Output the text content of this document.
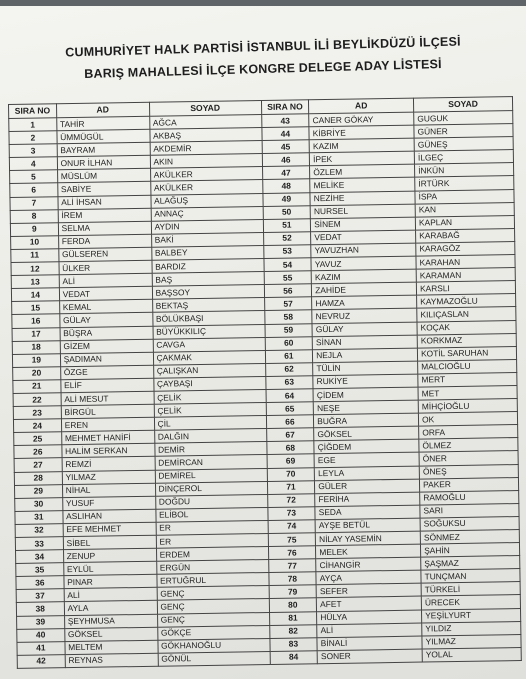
CUMHURİYET HALK PARTİSİ İSTANBUL İLİ BEYLİKDÜZÜ İLÇESİ
BARIŞ MAHALLESİ İLÇE KONGRE DELEGE ADAY LİSTESİ
SIRA NO	AD	SOYAD	SIRA NO	AD	SOYAD
1	TAHİR	AĞCA	43	CANER GÖKAY	GUGUK
2	ÜMMÜGÜL	AKBAŞ	44	KİBRİYE	GÜNER
3	BAYRAM	AKDEMİR	45	KAZIM	GÜNEŞ
4	ONUR İLHAN	AKIN	46	İPEK	İLGEÇ
5	MÜSLÜM	AKÜLKER	47	ÖZLEM	İNKÜN
6	SABİYE	AKÜLKER	48	MELİKE	İRTÜRK
7	ALİ İHSAN	ALAĞUŞ	49	NEZİHE	İSPA
8	İREM	ANNAÇ	50	NURSEL	KAN
9	SELMA	AYDIN	51	SİNEM	KAPLAN
10	FERDA	BAKİ	52	VEDAT	KARABAĞ
11	GÜLSEREN	BALBEY	53	YAVUZHAN	KARAGÖZ
12	ÜLKER	BARDIZ	54	YAVUZ	KARAHAN
13	ALİ	BAŞ	55	KAZIM	KARAMAN
14	VEDAT	BAŞSOY	56	ZAHİDE	KARSLI
15	KEMAL	BEKTAŞ	57	HAMZA	KAYMAZOĞLU
16	GÜLAY	BÖLÜKBAŞI	58	NEVRUZ	KILIÇASLAN
17	BÜŞRA	BÜYÜKKILIÇ	59	GÜLAY	KOÇAK
18	GİZEM	CAVGA	60	SİNAN	KORKMAZ
19	ŞADIMAN	ÇAKMAK	61	NEJLA	KOTİL SARUHAN
20	ÖZGE	ÇALIŞKAN	62	TÜLİN	MALCIOĞLU
21	ELİF	ÇAYBAŞI	63	RUKİYE	MERT
22	ALİ MESUT	ÇELİK	64	ÇİDEM	MET
23	BİRGÜL	ÇELİK	65	NEŞE	MİHÇİOĞLU
24	EREN	ÇİL	66	BUĞRA	OK
25	MEHMET HANİFİ	DALĞIN	67	GÖKSEL	ORFA
26	HALİM SERKAN	DEMİR	68	ÇİĞDEM	ÖLMEZ
27	REMZİ	DEMİRCAN	69	EGE	ÖNER
28	YILMAZ	DEMİREL	70	LEYLA	ÖNEŞ
29	NİHAL	DİNÇEROL	71	GÜLER	PAKER
30	YUSUF	DOĞDU	72	FERİHA	RAMOĞLU
31	ASLIHAN	ELİBOL	73	SEDA	SARI
32	EFE MEHMET	ER	74	AYŞE BETÜL	SOĞUKSU
33	SİBEL	ER	75	NİLAY YASEMİN	SÖNMEZ
34	ZENUP	ERDEM	76	MELEK	ŞAHİN
35	EYLÜL	ERGÜN	77	CİHANGİR	ŞAŞMAZ
36	PINAR	ERTUĞRUL	78	AYÇA	TUNÇMAN
37	ALİ	GENÇ	79	SEFER	TÜRKELİ
38	AYLA	GENÇ	80	AFET	ÜRECEK
39	ŞEYHMUSA	GENÇ	81	HÜLYA	YEŞİLYURT
40	GÖKSEL	GÖKÇE	82	ALİ	YILDIZ
41	MELTEM	GÖKHANOĞLU	83	BİNALİ	YILMAZ
42	REYNAS	GÖNÜL	84	SONER	YOLAL
